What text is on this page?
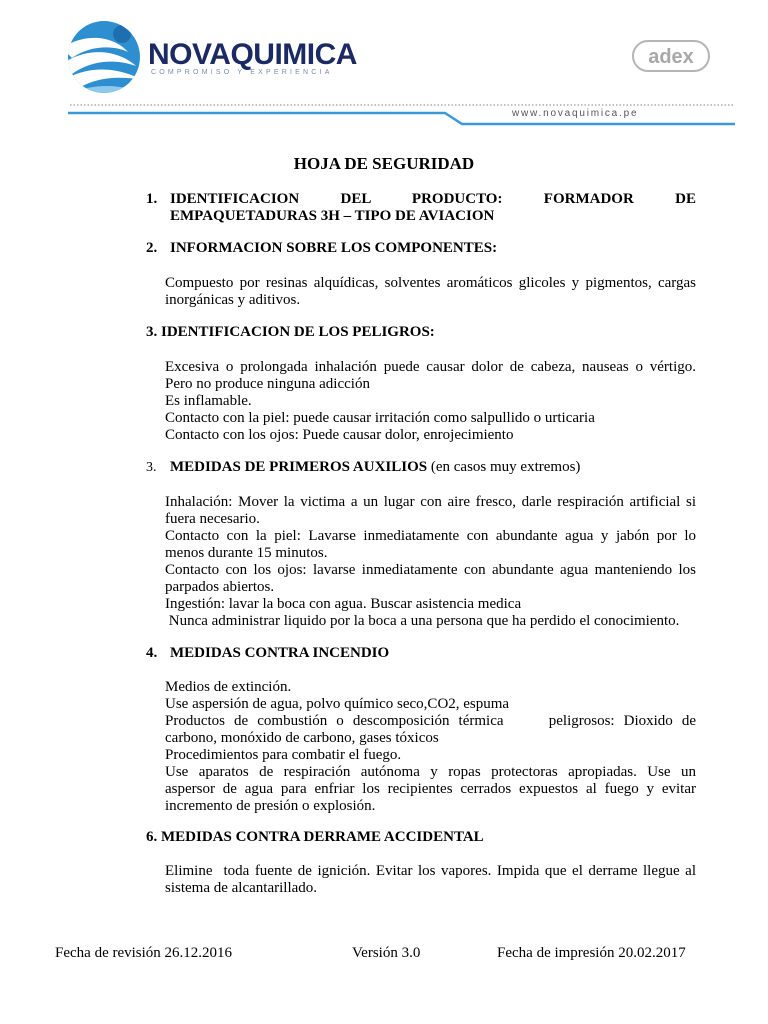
NOVAQUIMICA
COMPROMISO Y EXPERIENCIA
adex
www.novaquimica.pe
HOJA DE SEGURIDAD
1. IDENTIFICACION DEL PRODUCTO: FORMADOR DE
EMPAQUETADURAS 3H – TIPO DE AVIACION
2. INFORMACION SOBRE LOS COMPONENTES:
Compuesto por resinas alquídicas, solventes aromáticos glicoles y pigmentos, cargas
inorgánicas y aditivos.
3. IDENTIFICACION DE LOS PELIGROS:
Excesiva o prolongada inhalación puede causar dolor de cabeza, nauseas o vértigo.
Pero no produce ninguna adicción
Es inflamable.
Contacto con la piel: puede causar irritación como salpullido o urticaria
Contacto con los ojos: Puede causar dolor, enrojecimiento
3. MEDIDAS DE PRIMEROS AUXILIOS (en casos muy extremos)
Inhalación: Mover la victima a un lugar con aire fresco, darle respiración artificial si
fuera necesario.
Contacto con la piel: Lavarse inmediatamente con abundante agua y jabón por lo
menos durante 15 minutos.
Contacto con los ojos: lavarse inmediatamente con abundante agua manteniendo los
parpados abiertos.
Ingestión: lavar la boca con agua. Buscar asistencia medica
Nunca administrar liquido por la boca a una persona que ha perdido el conocimiento.
4. MEDIDAS CONTRA INCENDIO
Medios de extinción.
Use aspersión de agua, polvo químico seco,CO2, espuma
Productos de combustión o descomposición térmica     peligrosos: Dioxido de
carbono, monóxido de carbono, gases tóxicos
Procedimientos para combatir el fuego.
Use aparatos de respiración autónoma y ropas protectoras apropiadas. Use un
aspersor de agua para enfriar los recipientes cerrados expuestos al fuego y evitar
incremento de presión o explosión.
6. MEDIDAS CONTRA DERRAME ACCIDENTAL
Elimine  toda fuente de ignición. Evitar los vapores. Impida que el derrame llegue al
sistema de alcantarillado.
Fecha de revisión 26.12.2016	Versión 3.0	Fecha de impresión 20.02.2017
